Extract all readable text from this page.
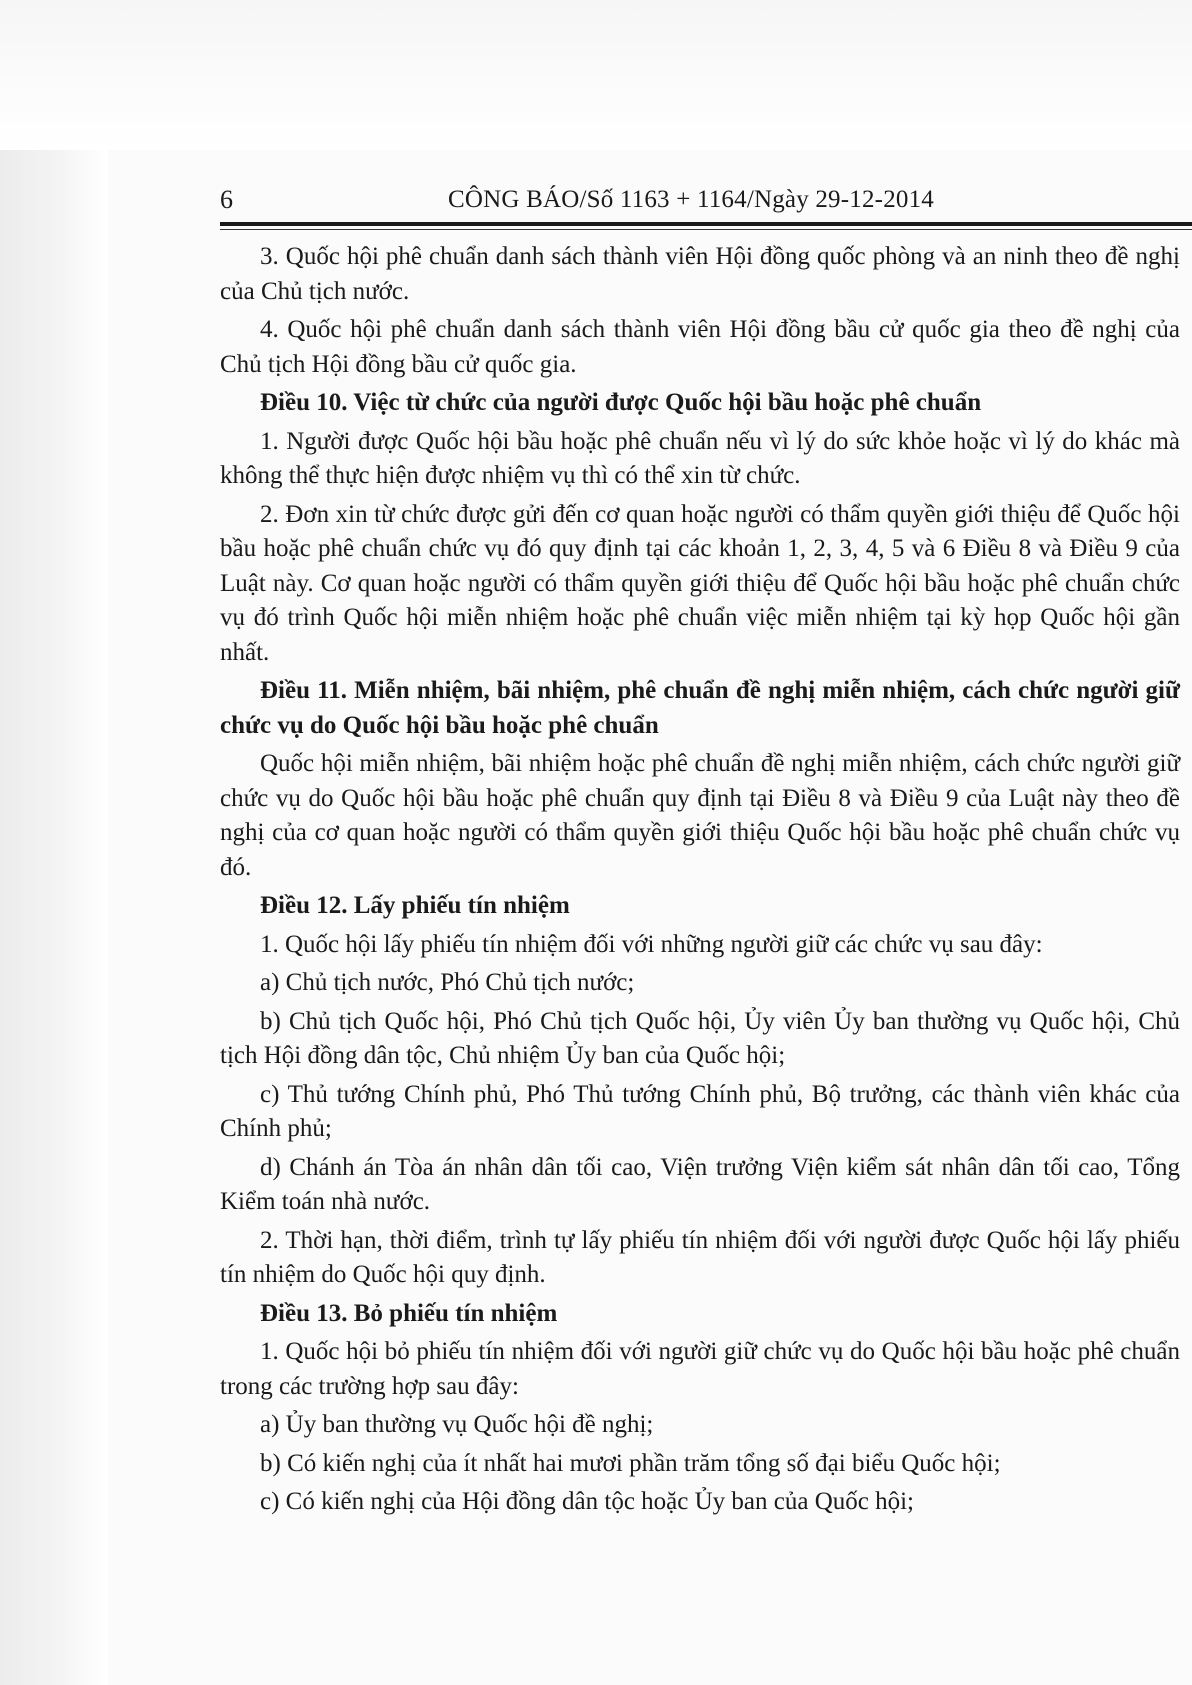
6	CÔNG BÁO/Số 1163 + 1164/Ngày 29-12-2014

3. Quốc hội phê chuẩn danh sách thành viên Hội đồng quốc phòng và an ninh theo đề nghị của Chủ tịch nước.

4. Quốc hội phê chuẩn danh sách thành viên Hội đồng bầu cử quốc gia theo đề nghị của Chủ tịch Hội đồng bầu cử quốc gia.

Điều 10. Việc từ chức của người được Quốc hội bầu hoặc phê chuẩn

1. Người được Quốc hội bầu hoặc phê chuẩn nếu vì lý do sức khỏe hoặc vì lý do khác mà không thể thực hiện được nhiệm vụ thì có thể xin từ chức.

2. Đơn xin từ chức được gửi đến cơ quan hoặc người có thẩm quyền giới thiệu để Quốc hội bầu hoặc phê chuẩn chức vụ đó quy định tại các khoản 1, 2, 3, 4, 5 và 6 Điều 8 và Điều 9 của Luật này. Cơ quan hoặc người có thẩm quyền giới thiệu để Quốc hội bầu hoặc phê chuẩn chức vụ đó trình Quốc hội miễn nhiệm hoặc phê chuẩn việc miễn nhiệm tại kỳ họp Quốc hội gần nhất.

Điều 11. Miễn nhiệm, bãi nhiệm, phê chuẩn đề nghị miễn nhiệm, cách chức người giữ chức vụ do Quốc hội bầu hoặc phê chuẩn

Quốc hội miễn nhiệm, bãi nhiệm hoặc phê chuẩn đề nghị miễn nhiệm, cách chức người giữ chức vụ do Quốc hội bầu hoặc phê chuẩn quy định tại Điều 8 và Điều 9 của Luật này theo đề nghị của cơ quan hoặc người có thẩm quyền giới thiệu Quốc hội bầu hoặc phê chuẩn chức vụ đó.

Điều 12. Lấy phiếu tín nhiệm

1. Quốc hội lấy phiếu tín nhiệm đối với những người giữ các chức vụ sau đây:

a) Chủ tịch nước, Phó Chủ tịch nước;

b) Chủ tịch Quốc hội, Phó Chủ tịch Quốc hội, Ủy viên Ủy ban thường vụ Quốc hội, Chủ tịch Hội đồng dân tộc, Chủ nhiệm Ủy ban của Quốc hội;

c) Thủ tướng Chính phủ, Phó Thủ tướng Chính phủ, Bộ trưởng, các thành viên khác của Chính phủ;

d) Chánh án Tòa án nhân dân tối cao, Viện trưởng Viện kiểm sát nhân dân tối cao, Tổng Kiểm toán nhà nước.

2. Thời hạn, thời điểm, trình tự lấy phiếu tín nhiệm đối với người được Quốc hội lấy phiếu tín nhiệm do Quốc hội quy định.

Điều 13. Bỏ phiếu tín nhiệm

1. Quốc hội bỏ phiếu tín nhiệm đối với người giữ chức vụ do Quốc hội bầu hoặc phê chuẩn trong các trường hợp sau đây:

a) Ủy ban thường vụ Quốc hội đề nghị;

b) Có kiến nghị của ít nhất hai mươi phần trăm tổng số đại biểu Quốc hội;

c) Có kiến nghị của Hội đồng dân tộc hoặc Ủy ban của Quốc hội;
